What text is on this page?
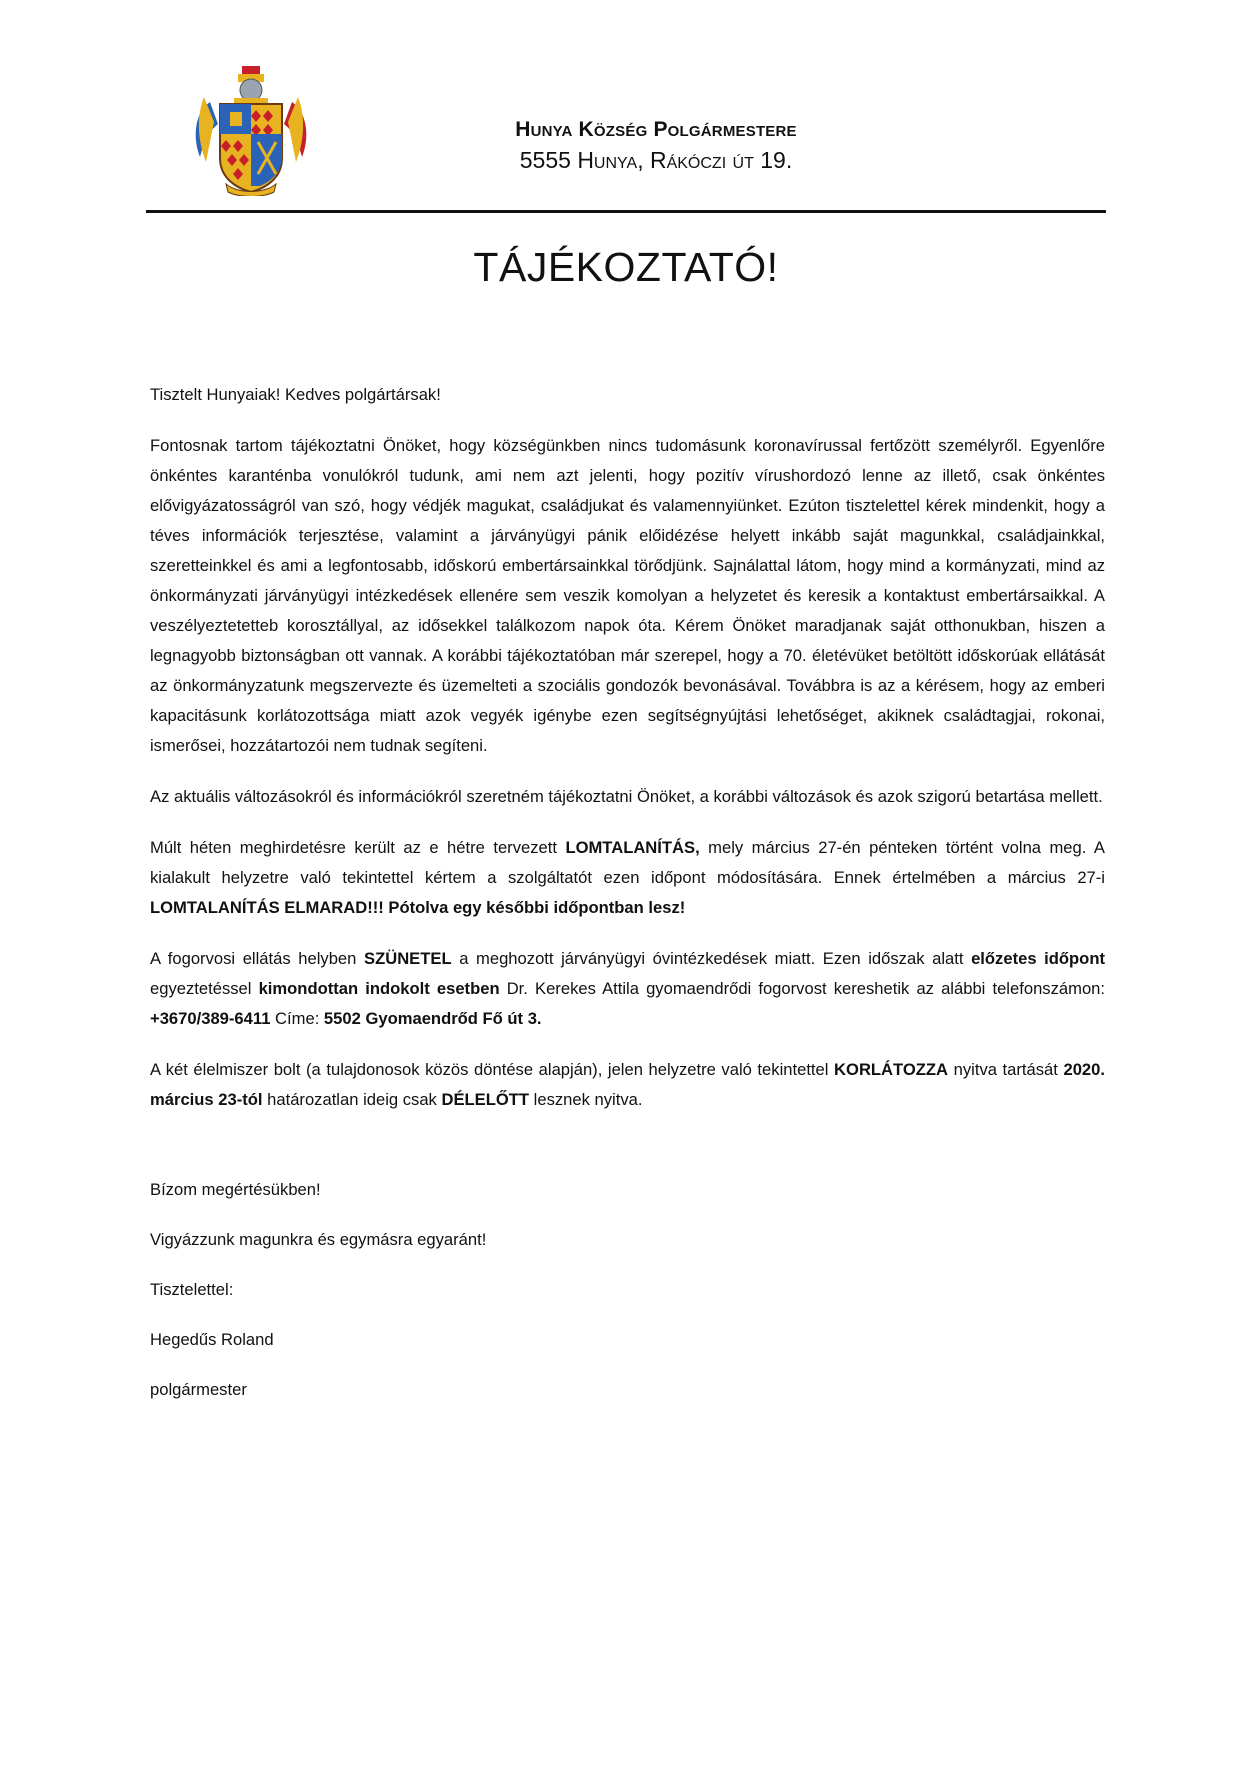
Hunya Község Polgármestere

5555 Hunya, Rákóczi út 19.

TÁJÉKOZTATÓ!

Tisztelt Hunyaiak! Kedves polgártársak!

Fontosnak tartom tájékoztatni Önöket, hogy községünkben nincs tudomásunk koronavírussal fertőzött személyről. Egyenlőre önkéntes karanténba vonulókról tudunk, ami nem azt jelenti, hogy pozitív vírushordozó lenne az illető, csak önkéntes elővigyázatosságról van szó, hogy védjék magukat, családjukat és valamennyiünket. Ezúton tisztelettel kérek mindenkit, hogy a téves információk terjesztése, valamint a járványügyi pánik előidézése helyett inkább saját magunkkal, családjainkkal, szeretteinkkel és ami a legfontosabb, időskorú embertársainkkal törődjünk. Sajnálattal látom, hogy mind a kormányzati, mind az önkormányzati járványügyi intézkedések ellenére sem veszik komolyan a helyzetet és keresik a kontaktust embertársaikkal. A veszélyeztetetteb korosztállyal, az idősekkel találkozom napok óta. Kérem Önöket maradjanak saját otthonukban, hiszen a legnagyobb biztonságban ott vannak. A korábbi tájékoztatóban már szerepel, hogy a 70. életévüket betöltött időskorúak ellátását az önkormányzatunk megszervezte és üzemelteti a szociális gondozók bevonásával. Továbbra is az a kérésem, hogy az emberi kapacitásunk korlátozottsága miatt azok vegyék igénybe ezen segítségnyújtási lehetőséget, akiknek családtagjai, rokonai, ismerősei, hozzátartozói nem tudnak segíteni.

Az aktuális változásokról és információkról szeretném tájékoztatni Önöket, a korábbi változások és azok szigorú betartása mellett.

Múlt héten meghirdetésre került az e hétre tervezett LOMTALANÍTÁS, mely március 27-én pénteken történt volna meg. A kialakult helyzetre való tekintettel kértem a szolgáltatót ezen időpont módosítására. Ennek értelmében a március 27-i LOMTALANÍTÁS ELMARAD!!! Pótolva egy későbbi időpontban lesz!

A fogorvosi ellátás helyben SZÜNETEL a meghozott járványügyi óvintézkedések miatt. Ezen időszak alatt előzetes időpont egyeztetéssel kimondottan indokolt esetben Dr. Kerekes Attila gyomaendrődi fogorvost kereshetik az alábbi telefonszámon: +3670/389-6411 Címe: 5502 Gyomaendrőd Fő út 3.

A két élelmiszer bolt (a tulajdonosok közös döntése alapján), jelen helyzetre való tekintettel KORLÁTOZZA nyitva tartását 2020. március 23-tól határozatlan ideig csak DÉLELŐTT lesznek nyitva.

Bízom megértésükben!

Vigyázzunk magunkra és egymásra egyaránt!

Tisztelettel:

Hegedűs Roland

polgármester
